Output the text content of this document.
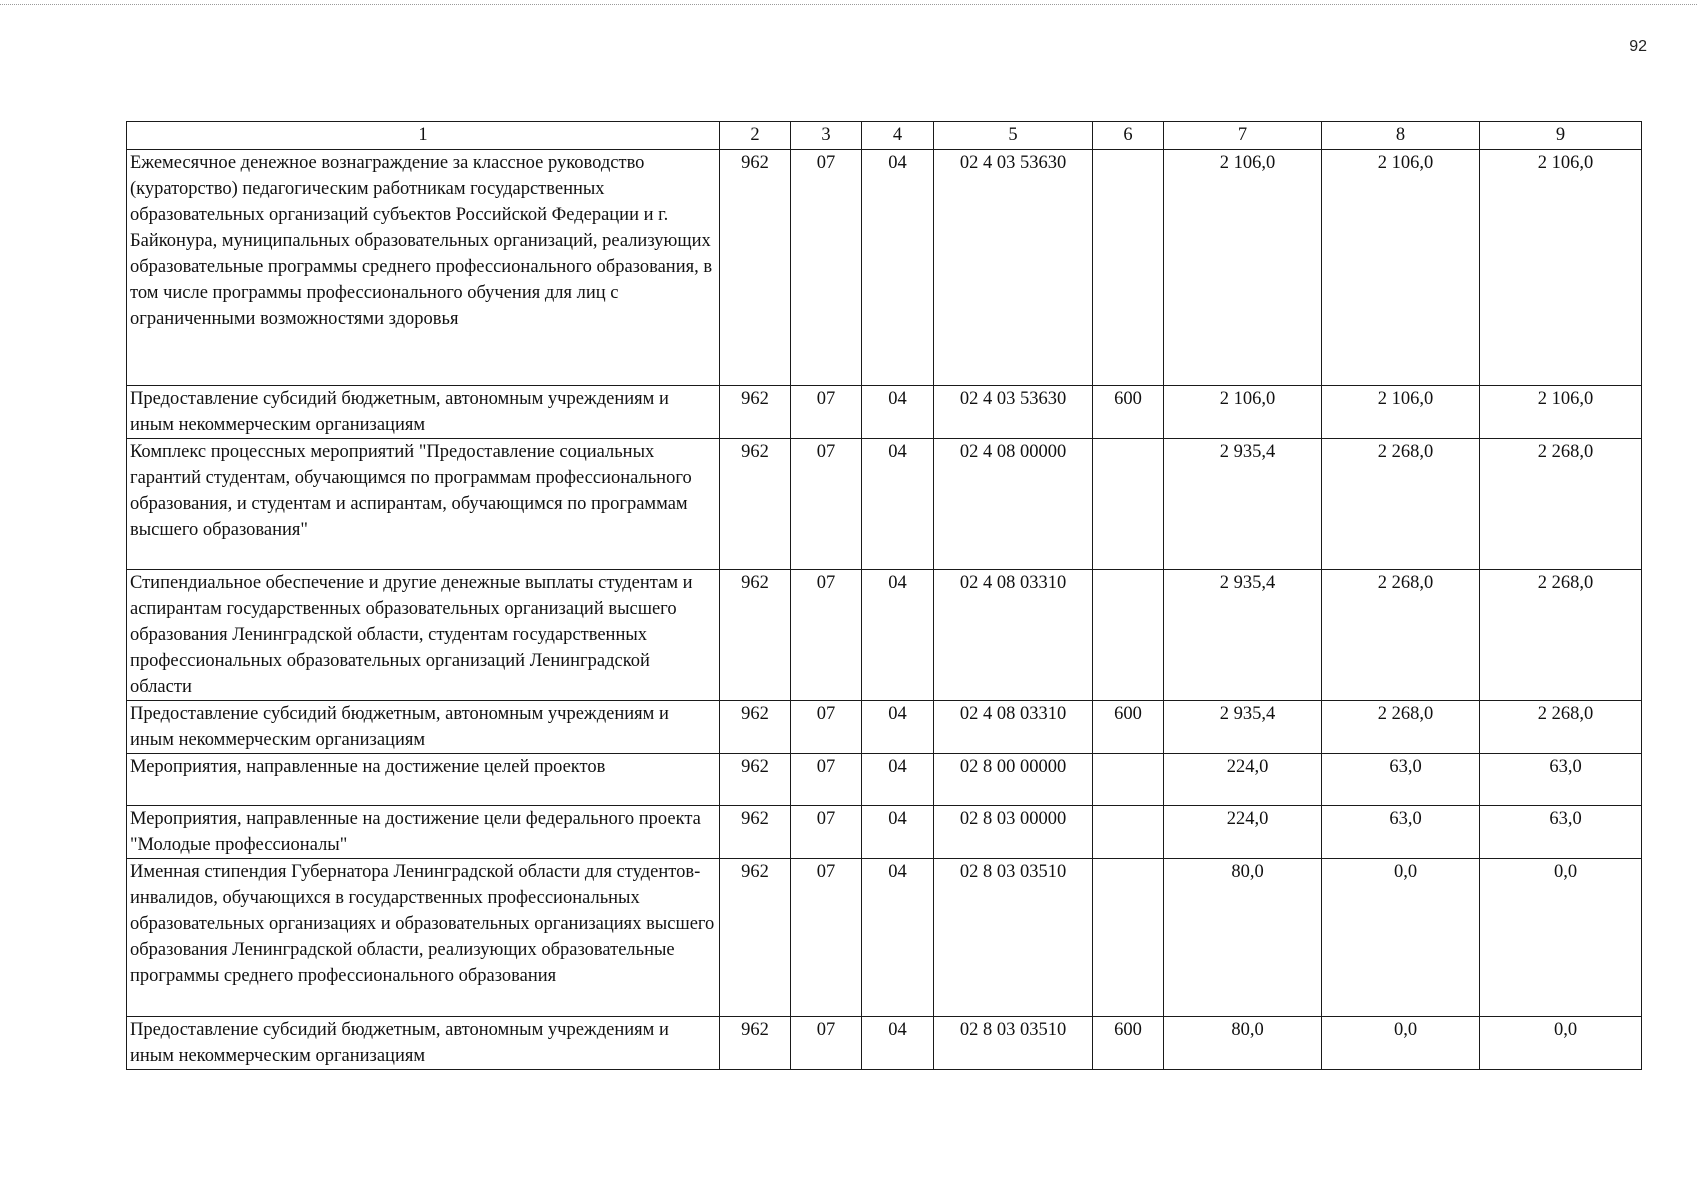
92
1	2	3	4	5	6	7	8	9
Ежемесячное денежное вознаграждение за классное руководство (кураторство) педагогическим работникам государственных образовательных организаций субъектов Российской Федерации и г. Байконура, муниципальных образовательных организаций, реализующих образовательные программы среднего профессионального образования, в том числе программы профессионального обучения для лиц с ограниченными возможностями здоровья	962	07	04	02 4 03 53630		2 106,0	2 106,0	2 106,0
Предоставление субсидий бюджетным, автономным учреждениям и иным некоммерческим организациям	962	07	04	02 4 03 53630	600	2 106,0	2 106,0	2 106,0
Комплекс процессных мероприятий "Предоставление социальных гарантий студентам, обучающимся по программам профессионального образования, и студентам и аспирантам, обучающимся по программам высшего образования"	962	07	04	02 4 08 00000		2 935,4	2 268,0	2 268,0
Стипендиальное обеспечение и другие денежные выплаты студентам и аспирантам государственных образовательных организаций высшего образования Ленинградской области, студентам государственных профессиональных образовательных организаций Ленинградской области	962	07	04	02 4 08 03310		2 935,4	2 268,0	2 268,0
Предоставление субсидий бюджетным, автономным учреждениям и иным некоммерческим организациям	962	07	04	02 4 08 03310	600	2 935,4	2 268,0	2 268,0
Мероприятия, направленные на достижение целей проектов	962	07	04	02 8 00 00000		224,0	63,0	63,0
Мероприятия, направленные на достижение цели федерального проекта "Молодые профессионалы"	962	07	04	02 8 03 00000		224,0	63,0	63,0
Именная стипендия Губернатора Ленинградской области для студентов-инвалидов, обучающихся в государственных профессиональных образовательных организациях и образовательных организациях высшего образования Ленинградской области, реализующих образовательные программы среднего профессионального образования	962	07	04	02 8 03 03510		80,0	0,0	0,0
Предоставление субсидий бюджетным, автономным учреждениям и иным некоммерческим организациям	962	07	04	02 8 03 03510	600	80,0	0,0	0,0
